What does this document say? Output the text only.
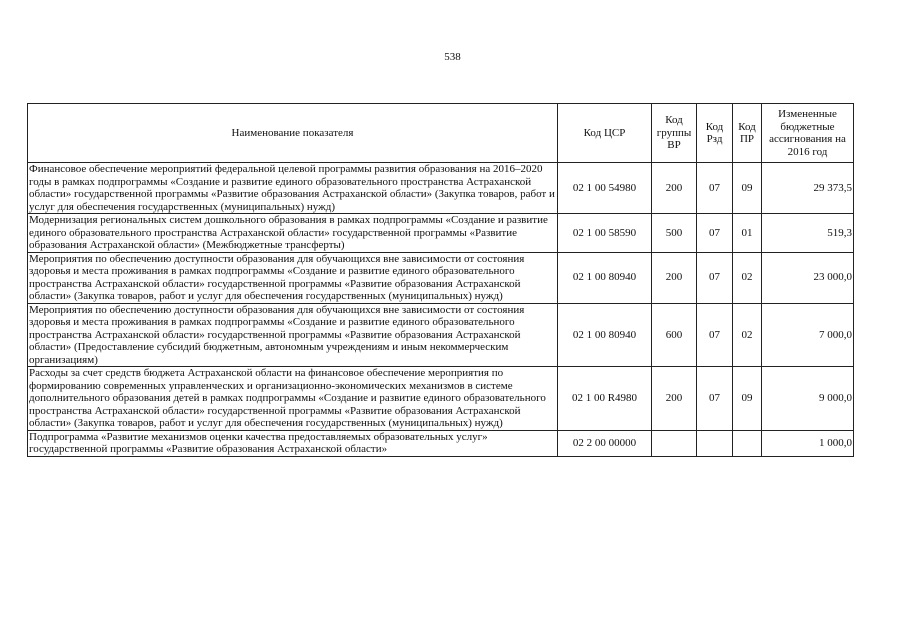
538
Наименование показателя	Код ЦСР	Код группы ВР	Код Рзд	Код ПР	Измененные бюджетные ассигнования на 2016 год
Финансовое обеспечение мероприятий федеральной целевой программы развития образования на 2016–2020 годы в рамках подпрограммы «Создание и развитие единого образовательного пространства Астраханской области» государственной программы «Развитие образования Астраханской области» (Закупка товаров, работ и услуг для обеспечения государственных (муниципальных) нужд)	02 1 00 54980	200	07	09	29 373,5
Модернизация региональных систем дошкольного образования в рамках подпрограммы «Создание и развитие единого образовательного пространства Астраханской области» государственной программы «Развитие образования Астраханской области» (Межбюджетные трансферты)	02 1 00 58590	500	07	01	519,3
Мероприятия по обеспечению доступности образования для обучающихся вне зависимости от состояния здоровья и места проживания в рамках подпрограммы «Создание и развитие единого образовательного пространства Астраханской области» государственной программы «Развитие образования Астраханской области» (Закупка товаров, работ и услуг для обеспечения государственных (муниципальных) нужд)	02 1 00 80940	200	07	02	23 000,0
Мероприятия по обеспечению доступности образования для обучающихся вне зависимости от состояния здоровья и места проживания в рамках подпрограммы «Создание и развитие единого образовательного пространства Астраханской области» государственной программы «Развитие образования Астраханской области» (Предоставление субсидий бюджетным, автономным учреждениям и иным некоммерческим организациям)	02 1 00 80940	600	07	02	7 000,0
Расходы за счет средств бюджета Астраханской области на финансовое обеспечение мероприятия по формированию современных управленческих и организационно-экономических механизмов в системе дополнительного образования детей в рамках подпрограммы «Создание и развитие единого образовательного пространства Астраханской области» государственной программы «Развитие образования Астраханской области» (Закупка товаров, работ и услуг для обеспечения государственных (муниципальных) нужд)	02 1 00 R4980	200	07	09	9 000,0
Подпрограмма «Развитие механизмов оценки качества предоставляемых образовательных услуг» государственной программы «Развитие образования Астраханской области»	02 2 00 00000				1 000,0
